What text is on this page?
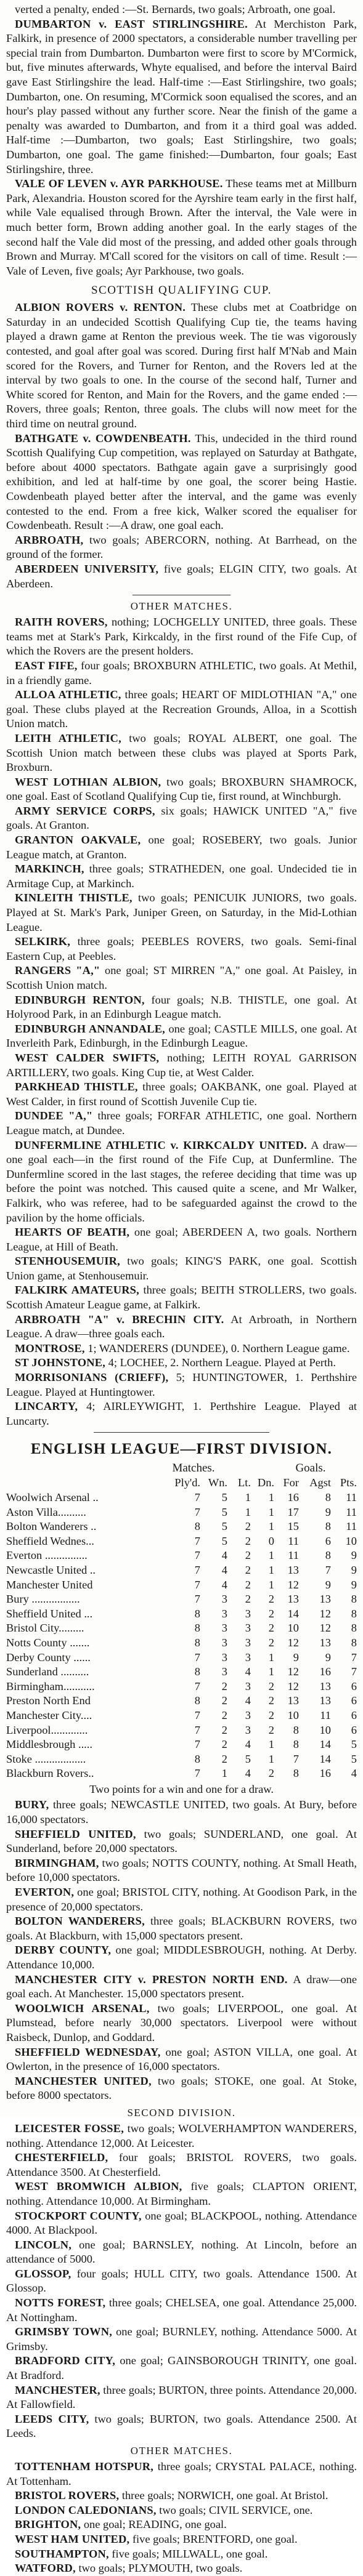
verted a penalty, ended :—St. Bernards, two goals; Arbroath, one goal.

DUMBARTON v. EAST STIRLINGSHIRE. At Merchiston Park, Falkirk, in presence of 2000 spectators, a considerable number travelling per special train from Dumbarton. Dumbarton were first to score by M'Cormick, but, five minutes afterwards, Whyte equalised, and before the interval Baird gave East Stirlingshire the lead. Half-time :—East Stirlingshire, two goals; Dumbarton, one. On resuming, M'Cormick soon equalised the scores, and an hour's play passed without any further score. Near the finish of the game a penalty was awarded to Dumbarton, and from it a third goal was added. Half-time :—Dumbarton, two goals; East Stirlingshire, two goals; Dumbarton, one goal. The game finished:—Dumbarton, four goals; East Stirlingshire, three.

VALE OF LEVEN v. AYR PARKHOUSE. These teams met at Millburn Park, Alexandria. Houston scored for the Ayrshire team early in the first half, while Vale equalised through Brown. After the interval, the Vale were in much better form, Brown adding another goal. In the early stages of the second half the Vale did most of the pressing, and added other goals through Brown and Murray. M'Call scored for the visitors on call of time. Result :—Vale of Leven, five goals; Ayr Parkhouse, two goals.

SCOTTISH QUALIFYING CUP.

ALBION ROVERS v. RENTON. These clubs met at Coatbridge on Saturday in an undecided Scottish Qualifying Cup tie, the teams having played a drawn game at Renton the previous week. The tie was vigorously contested, and goal after goal was scored. During first half M'Nab and Main scored for the Rovers, and Turner for Renton, and the Rovers led at the interval by two goals to one. In the course of the second half, Turner and White scored for Renton, and Main for the Rovers, and the game ended :—Rovers, three goals; Renton, three goals. The clubs will now meet for the third time on neutral ground.

BATHGATE v. COWDENBEATH. This, undecided in the third round Scottish Qualifying Cup competition, was replayed on Saturday at Bathgate, before about 4000 spectators. Bathgate again gave a surprisingly good exhibition, and led at half-time by one goal, the scorer being Hastie. Cowdenbeath played better after the interval, and the game was evenly contested to the end. From a free kick, Walker scored the equaliser for Cowdenbeath. Result :—A draw, one goal each.

ARBROATH, two goals; ABERCORN, nothing. At Barrhead, on the ground of the former.

ABERDEEN UNIVERSITY, five goals; ELGIN CITY, two goals. At Aberdeen.

OTHER MATCHES.

RAITH ROVERS, nothing; LOCHGELLY UNITED, three goals. These teams met at Stark's Park, Kirkcaldy, in the first round of the Fife Cup, of which the Rovers are the present holders.

EAST FIFE, four goals; BROXBURN ATHLETIC, two goals. At Methil, in a friendly game.

ALLOA ATHLETIC, three goals; HEART OF MIDLOTHIAN "A," one goal. These clubs played at the Recreation Grounds, Alloa, in a Scottish Union match.

LEITH ATHLETIC, two goals; ROYAL ALBERT, one goal. The Scottish Union match between these clubs was played at Sports Park, Broxburn.

WEST LOTHIAN ALBION, two goals; BROXBURN SHAMROCK, one goal. East of Scotland Qualifying Cup tie, first round, at Winchburgh.

ARMY SERVICE CORPS, six goals; HAWICK UNITED "A," five goals. At Granton.

GRANTON OAKVALE, one goal; ROSEBERY, two goals. Junior League match, at Granton.

MARKINCH, three goals; STRATHEDEN, one goal. Undecided tie in Armitage Cup, at Markinch.

KINLEITH THISTLE, two goals; PENICUIK JUNIORS, two goals. Played at St. Mark's Park, Juniper Green, on Saturday, in the Mid-Lothian League.

SELKIRK, three goals; PEEBLES ROVERS, two goals. Semi-final Eastern Cup, at Peebles.

RANGERS "A," one goal; ST MIRREN "A," one goal. At Paisley, in Scottish Union match.

EDINBURGH RENTON, four goals; N.B. THISTLE, one goal. At Holyrood Park, in an Edinburgh League match.

EDINBURGH ANNANDALE, one goal; CASTLE MILLS, one goal. At Inverleith Park, Edinburgh, in the Edinburgh League.

WEST CALDER SWIFTS, nothing; LEITH ROYAL GARRISON ARTILLERY, two goals. King Cup tie, at West Calder.

PARKHEAD THISTLE, three goals; OAKBANK, one goal. Played at West Calder, in first round of Scottish Juvenile Cup tie.

DUNDEE "A," three goals; FORFAR ATHLETIC, one goal. Northern League match, at Dundee.

DUNFERMLINE ATHLETIC v. KIRKCALDY UNITED. A draw—one goal each—in the first round of the Fife Cup, at Dunfermline. The Dunfermline scored in the last stages, the referee deciding that time was up before the point was notched. This caused quite a scene, and Mr Walker, Falkirk, who was referee, had to be safeguarded against the crowd to the pavilion by the home officials.

HEARTS OF BEATH, one goal; ABERDEEN A, two goals. Northern League, at Hill of Beath.

STENHOUSEMUIR, two goals; KING'S PARK, one goal. Scottish Union game, at Stenhousemuir.

FALKIRK AMATEURS, three goals; BEITH STROLLERS, two goals. Scottish Amateur League game, at Falkirk.

ARBROATH "A" v. BRECHIN CITY. At Arbroath, in Northern League. A draw—three goals each.

MONTROSE, 1; WANDERERS (DUNDEE), 0. Northern League game.

ST JOHNSTONE, 4; LOCHEE, 2. Northern League. Played at Perth.

MORRISONIANS (CRIEFF), 5; HUNTINGTOWER, 1. Perthshire League. Played at Huntingtower.

LINCARTY, 4; AIRLEYWIGHT, 1. Perthshire League. Played at Luncarty.

ENGLISH LEAGUE—FIRST DIVISION.
Matches.	Goals.
Ply'd. Wn. Lt. Dn. For Agst Pts.
Woolwich Arsenal ..	7	5	1	1	16	8	11
Aston Villa..........	7	5	1	1	17	9	11
Bolton Wanderers ..	8	5	2	1	15	8	11
Sheffield Wednes...	7	5	2	0	11	6	10
Everton ...............	7	4	2	1	11	8	9
Newcastle United ..	7	4	2	1	13	7	9
Manchester United	7	4	2	1	12	9	9
Bury .................	7	3	2	2	13	13	8
Sheffield United ...	8	3	3	2	14	12	8
Bristol City.........	8	3	3	2	10	12	8
Notts County .......	8	3	3	2	12	13	8
Derby County ......	7	3	3	1	9	9	7
Sunderland ..........	8	3	4	1	12	16	7
Birmingham...........	7	2	3	2	12	13	6
Preston North End	8	2	4	2	13	13	6
Manchester City....	7	2	3	2	10	11	6
Liverpool.............	7	2	3	2	8	10	6
Middlesbrough .....	7	2	4	1	8	14	5
Stoke ..................	8	2	5	1	7	14	5
Blackburn Rovers..	7	1	4	2	8	16	4
Two points for a win and one for a draw.

BURY, three goals; NEWCASTLE UNITED, two goals. At Bury, before 16,000 spectators.

SHEFFIELD UNITED, two goals; SUNDERLAND, one goal. At Sunderland, before 20,000 spectators.

BIRMINGHAM, two goals; NOTTS COUNTY, nothing. At Small Heath, before 10,000 spectators.

EVERTON, one goal; BRISTOL CITY, nothing. At Goodison Park, in the presence of 20,000 spectators.

BOLTON WANDERERS, three goals; BLACKBURN ROVERS, two goals. At Blackburn, with 15,000 spectators present.

DERBY COUNTY, one goal; MIDDLESBROUGH, nothing. At Derby. Attendance 10,000.

MANCHESTER CITY v. PRESTON NORTH END. A draw—one goal each. At Manchester. 15,000 spectators present.

WOOLWICH ARSENAL, two goals; LIVERPOOL, one goal. At Plumstead, before nearly 30,000 spectators. Liverpool were without Raisbeck, Dunlop, and Goddard.

SHEFFIELD WEDNESDAY, one goal; ASTON VILLA, one goal. At Owlerton, in the presence of 16,000 spectators.

MANCHESTER UNITED, two goals; STOKE, one goal. At Stoke, before 8000 spectators.

SECOND DIVISION.

LEICESTER FOSSE, two goals; WOLVERHAMPTON WANDERERS, nothing. Attendance 12,000. At Leicester.

CHESTERFIELD, four goals; BRISTOL ROVERS, two goals. Attendance 3500. At Chesterfield.

WEST BROMWICH ALBION, five goals; CLAPTON ORIENT, nothing. Attendance 10,000. At Birmingham.

STOCKPORT COUNTY, one goal; BLACKPOOL, nothing. Attendance 4000. At Blackpool.

LINCOLN, one goal; BARNSLEY, nothing. At Lincoln, before an attendance of 5000.

GLOSSOP, four goals; HULL CITY, two goals. Attendance 1500. At Glossop.

NOTTS FOREST, three goals; CHELSEA, one goal. Attendance 25,000. At Nottingham.

GRIMSBY TOWN, one goal; BURNLEY, nothing. Attendance 5000. At Grimsby.

BRADFORD CITY, one goal; GAINSBOROUGH TRINITY, one goal. At Bradford.

MANCHESTER, three goals; BURTON, three points. Attendance 20,000. At Fallowfield.

LEEDS CITY, two goals; BURTON, two goals. Attendance 2500. At Leeds.

OTHER MATCHES.

TOTTENHAM HOTSPUR, three goals; CRYSTAL PALACE, nothing. At Tottenham.

BRISTOL ROVERS, three goals; NORWICH, one goal. At Bristol.

LONDON CALEDONIANS, two goals; CIVIL SERVICE, one.

BRIGHTON, one goal; READING, one goal.

WEST HAM UNITED, five goals; BRENTFORD, one goal.

SOUTHAMPTON, five goals; MILLWALL, one goal.

WATFORD, two goals; PLYMOUTH, two goals.
